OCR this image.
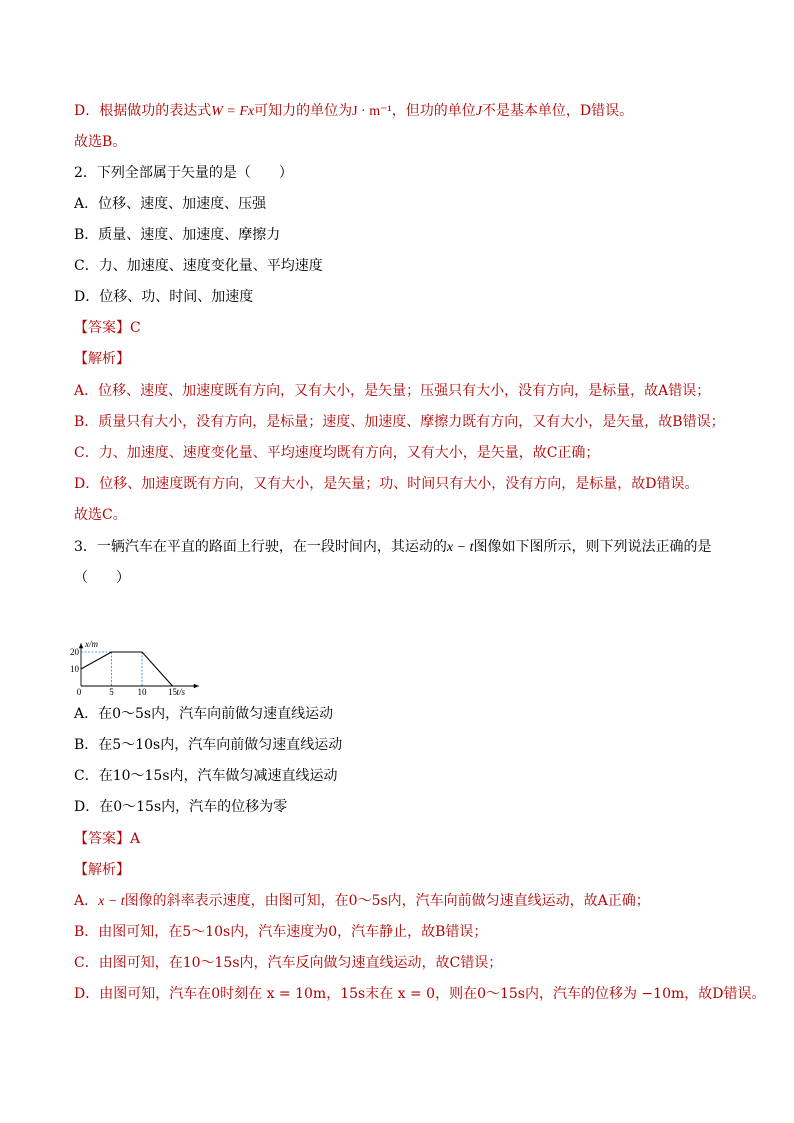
D．根据做功的表达式W = Fx可知力的单位为J · m⁻¹，但功的单位J不是基本单位，D错误。
故选B。
2．下列全部属于矢量的是（　　）
A．位移、速度、加速度、压强
B．质量、速度、加速度、摩擦力
C．力、加速度、速度变化量、平均速度
D．位移、功、时间、加速度
【答案】C
【解析】
A．位移、速度、加速度既有方向，又有大小，是矢量；压强只有大小，没有方向，是标量，故A错误；
B．质量只有大小，没有方向，是标量；速度、加速度、摩擦力既有方向，又有大小，是矢量，故B错误；
C．力、加速度、速度变化量、平均速度均既有方向，又有大小，是矢量，故C正确；
D．位移、加速度既有方向，又有大小，是矢量；功、时间只有大小，没有方向，是标量，故D错误。
故选C。
3．一辆汽车在平直的路面上行驶，在一段时间内，其运动的x − t图像如下图所示，则下列说法正确的是
（　　）
0	5	10 15
10
20
t/s
x/m
A．在0～5s内，汽车向前做匀速直线运动
B．在5～10s内，汽车向前做匀速直线运动
C．在10～15s内，汽车做匀减速直线运动
D．在0～15s内，汽车的位移为零
【答案】A
【解析】
A．x − t图像的斜率表示速度，由图可知，在0～5s内，汽车向前做匀速直线运动，故A正确；
B．由图可知，在5～10s内，汽车速度为0，汽车静止，故B错误；
C．由图可知，在10～15s内，汽车反向做匀速直线运动，故C错误；
D．由图可知，汽车在0时刻在 x = 10m，15s末在 x = 0，则在0～15s内，汽车的位移为 −10m，故D错误。
